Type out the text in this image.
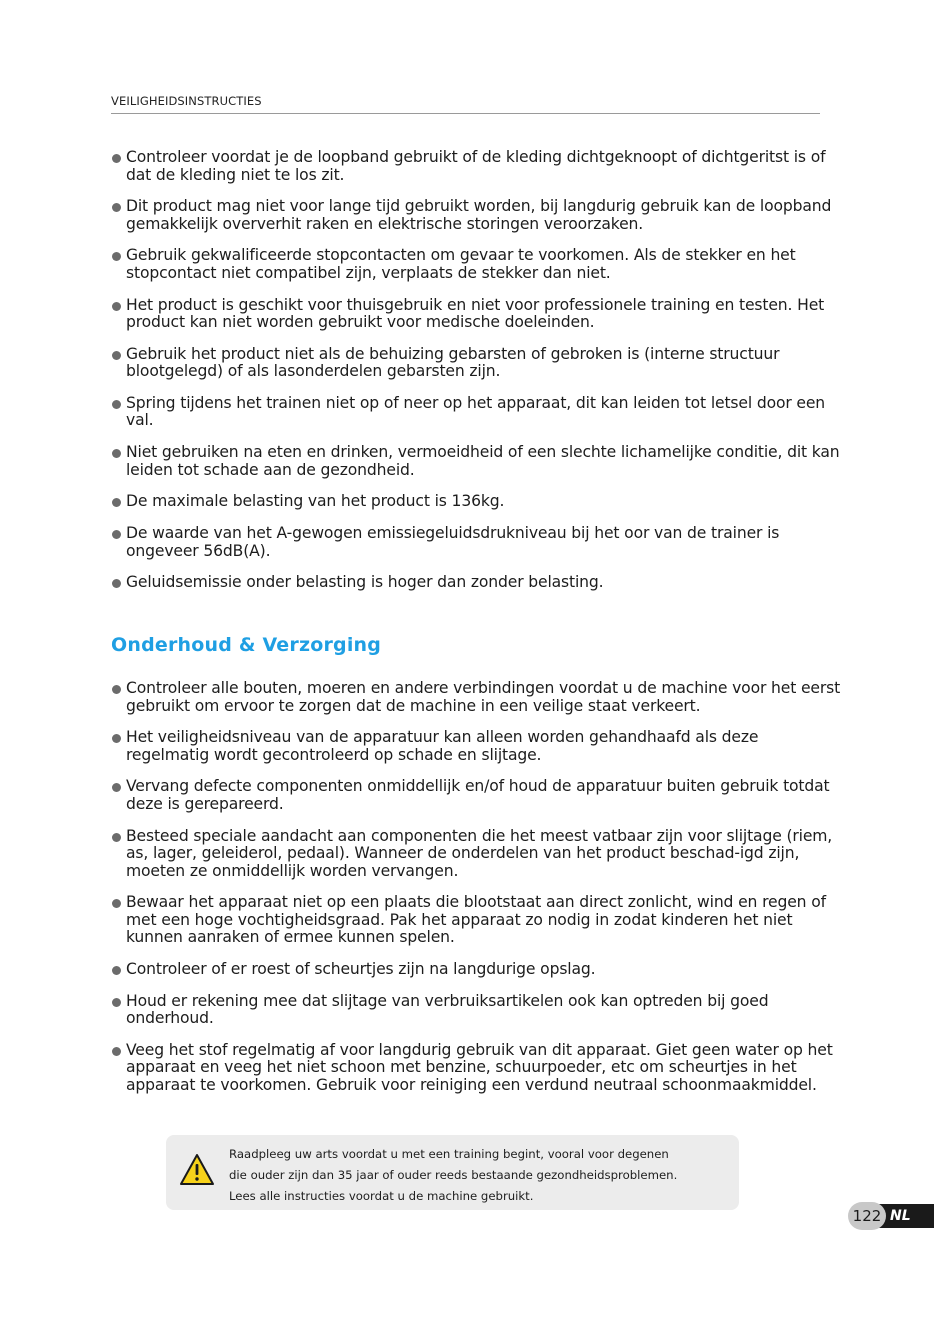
VEILIGHEIDSINSTRUCTIES
Controleer voordat je de loopband gebruikt of de kleding dichtgeknoopt of dichtgeritst is of dat de kleding niet te los zit.
Dit product mag niet voor lange tijd gebruikt worden, bij langdurig gebruik kan de loopband gemakkelijk oververhit raken en elektrische storingen veroorzaken.
Gebruik gekwalificeerde stopcontacten om gevaar te voorkomen. Als de stekker en het stopcontact niet compatibel zijn, verplaats de stekker dan niet.
Het product is geschikt voor thuisgebruik en niet voor professionele training en testen. Het product kan niet worden gebruikt voor medische doeleinden.
Gebruik het product niet als de behuizing gebarsten of gebroken is (interne structuur blootgelegd) of als lasonderdelen gebarsten zijn.
Spring tijdens het trainen niet op of neer op het apparaat, dit kan leiden tot letsel door een val.
Niet gebruiken na eten en drinken, vermoeidheid of een slechte lichamelijke conditie, dit kan leiden tot schade aan de gezondheid.
De maximale belasting van het product is 136kg.
De waarde van het A-gewogen emissiegeluidsdrukniveau bij het oor van de trainer is ongeveer 56dB(A).
Geluidsemissie onder belasting is hoger dan zonder belasting.
Onderhoud & Verzorging
Controleer alle bouten, moeren en andere verbindingen voordat u de machine voor het eerst gebruikt om ervoor te zorgen dat de machine in een veilige staat verkeert.
Het veiligheidsniveau van de apparatuur kan alleen worden gehandhaafd als deze regelmatig wordt gecontroleerd op schade en slijtage.
Vervang defecte componenten onmiddellijk en/of houd de apparatuur buiten gebruik totdat deze is gerepareerd.
Besteed speciale aandacht aan componenten die het meest vatbaar zijn voor slijtage (riem, as, lager, geleiderol, pedaal). Wanneer de onderdelen van het product beschad-igd zijn, moeten ze onmiddellijk worden vervangen.
Bewaar het apparaat niet op een plaats die blootstaat aan direct zonlicht, wind en regen of met een hoge vochtigheidsgraad. Pak het apparaat zo nodig in zodat kinderen het niet kunnen aanraken of ermee kunnen spelen.
Controleer of er roest of scheurtjes zijn na langdurige opslag.
Houd er rekening mee dat slijtage van verbruiksartikelen ook kan optreden bij goed onderhoud.
Veeg het stof regelmatig af voor langdurig gebruik van dit apparaat. Giet geen water op het apparaat en veeg het niet schoon met benzine, schuurpoeder, etc om scheurtjes in het apparaat te voorkomen. Gebruik voor reiniging een verdund neutraal schoonmaakmiddel.
Raadpleeg uw arts voordat u met een training begint, vooral voor degenen
die ouder zijn dan 35 jaar of ouder reeds bestaande gezondheidsproblemen.
Lees alle instructies voordat u de machine gebruikt.
122 NL
